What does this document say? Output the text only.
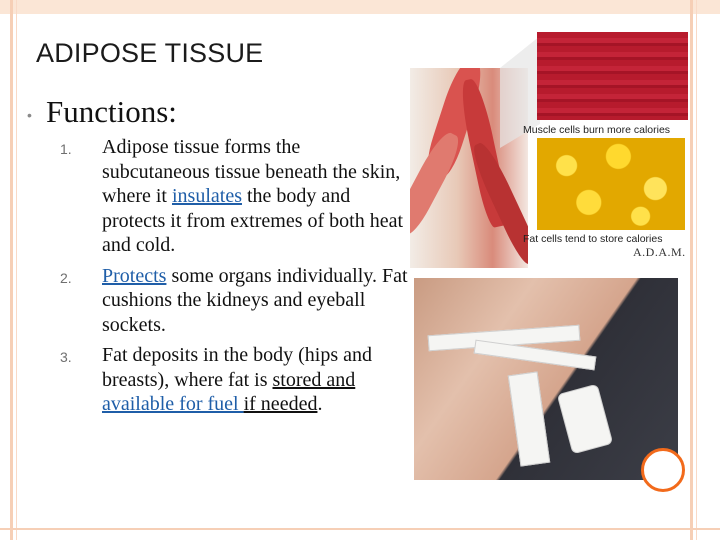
ADIPOSE TISSUE
• Functions:
1.	Adipose tissue forms the subcutaneous tissue beneath the skin, where it insulates the body and protects it from extremes of both heat and cold.
2.	Protects some organs individually. Fat cushions the kidneys and eyeball sockets.
3.	Fat deposits in the body (hips and breasts), where fat is stored and available for fuel if needed.
Muscle cells burn more calories
Fat cells tend to store calories
A.D.A.M.
